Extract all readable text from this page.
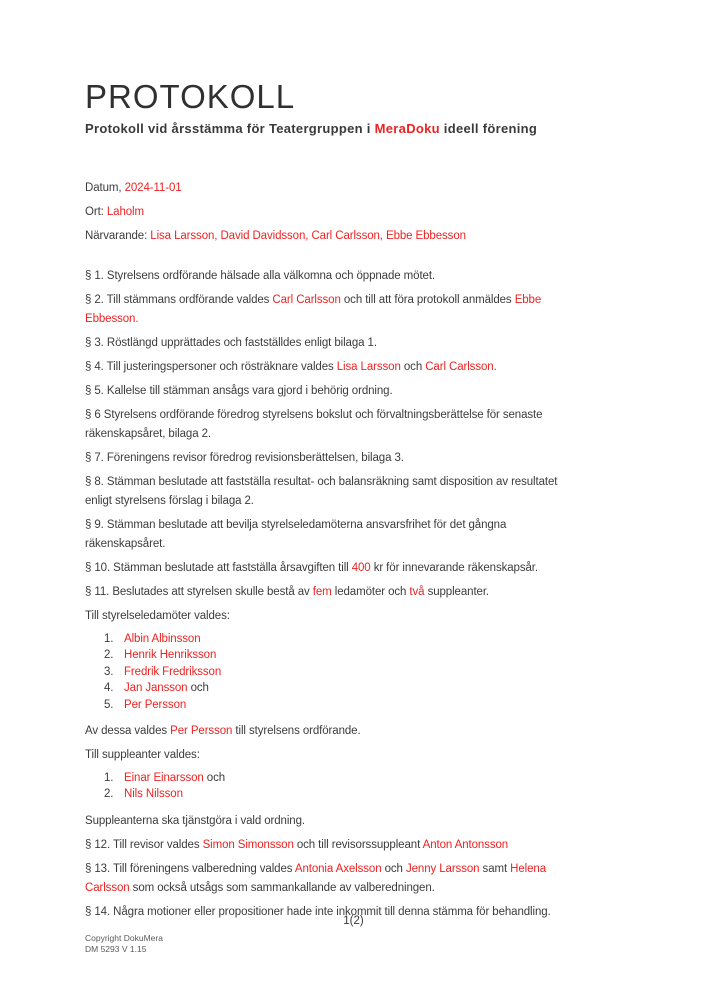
PROTOKOLL

Protokoll vid årsstämma för Teatergruppen i MeraDoku ideell förening

Datum, 2024-11-01

Ort: Laholm

Närvarande: Lisa Larsson, David Davidsson, Carl Carlsson, Ebbe Ebbesson

§ 1. Styrelsens ordförande hälsade alla välkomna och öppnade mötet.

§ 2. Till stämmans ordförande valdes Carl Carlsson och till att föra protokoll anmäldes Ebbe
Ebbesson.

§ 3. Röstlängd upprättades och fastställdes enligt bilaga 1.

§ 4. Till justeringspersoner och rösträknare valdes Lisa Larsson och Carl Carlsson.

§ 5. Kallelse till stämman ansågs vara gjord i behörig ordning.

§ 6 Styrelsens ordförande föredrog styrelsens bokslut och förvaltningsberättelse för senaste
räkenskapsåret, bilaga 2.

§ 7. Föreningens revisor föredrog revisionsberättelsen, bilaga 3.

§ 8. Stämman beslutade att fastställa resultat- och balansräkning samt disposition av resultatet
enligt styrelsens förslag i bilaga 2.

§ 9. Stämman beslutade att bevilja styrelseledamöterna ansvarsfrihet för det gångna
räkenskapsåret.

§ 10. Stämman beslutade att fastställa årsavgiften till 400 kr för innevarande räkenskapsår.

§ 11. Beslutades att styrelsen skulle bestå av fem ledamöter och två suppleanter.

Till styrelseledamöter valdes:

1. Albin Albinsson
2. Henrik Henriksson
3. Fredrik Fredriksson
4. Jan Jansson och
5. Per Persson

Av dessa valdes Per Persson till styrelsens ordförande.

Till suppleanter valdes:

1. Einar Einarsson och
2. Nils Nilsson

Suppleanterna ska tjänstgöra i vald ordning.

§ 12. Till revisor valdes Simon Simonsson och till revisorssuppleant Anton Antonsson

§ 13. Till föreningens valberedning valdes Antonia Axelsson och Jenny Larsson samt Helena
Carlsson som också utsågs som sammankallande av valberedningen.

§ 14. Några motioner eller propositioner hade inte inkommit till denna stämma för behandling.

1(2)
Copyright DokuMera
DM 5293 V 1.15
